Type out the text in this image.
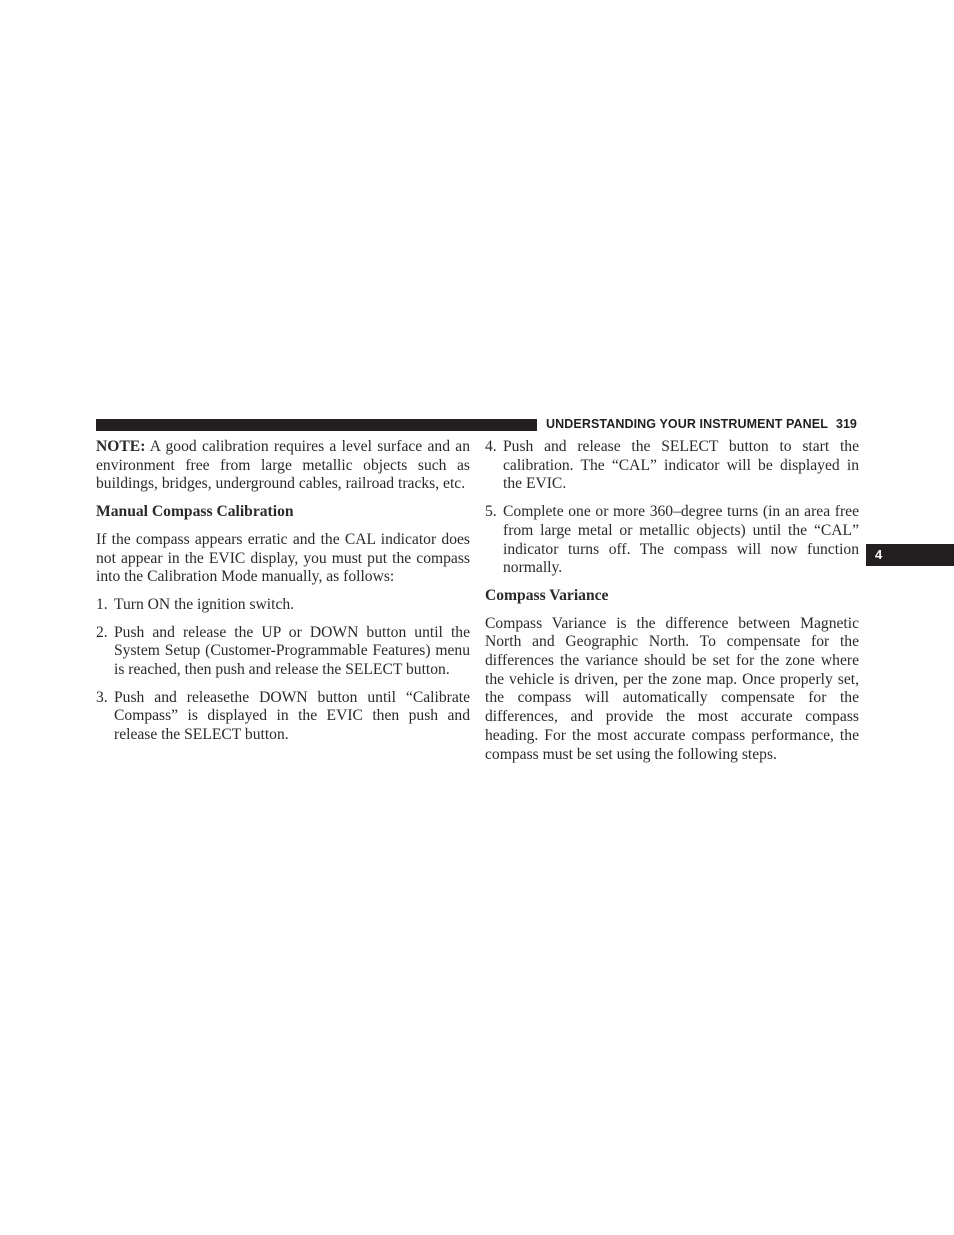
UNDERSTANDING YOUR INSTRUMENT PANEL 319
4

NOTE: A good calibration requires a level surface and an environment free from large metallic objects such as buildings, bridges, underground cables, railroad tracks, etc.

Manual Compass Calibration

If the compass appears erratic and the CAL indicator does not appear in the EVIC display, you must put the compass into the Calibration Mode manually, as follows:

1. Turn ON the ignition switch.
2. Push and release the UP or DOWN button until the System Setup (Customer-Programmable Features) menu is reached, then push and release the SELECT button.
3. Push and releasethe DOWN button until “Calibrate Compass” is displayed in the EVIC then push and release the SELECT button.
4. Push and release the SELECT button to start the calibration. The “CAL” indicator will be displayed in the EVIC.
5. Complete one or more 360–degree turns (in an area free from large metal or metallic objects) until the “CAL” indicator turns off. The compass will now function normally.

Compass Variance

Compass Variance is the difference between Magnetic North and Geographic North. To compensate for the differences the variance should be set for the zone where the vehicle is driven, per the zone map. Once properly set, the compass will automatically compensate for the differences, and provide the most accurate compass heading. For the most accurate compass performance, the compass must be set using the following steps.
